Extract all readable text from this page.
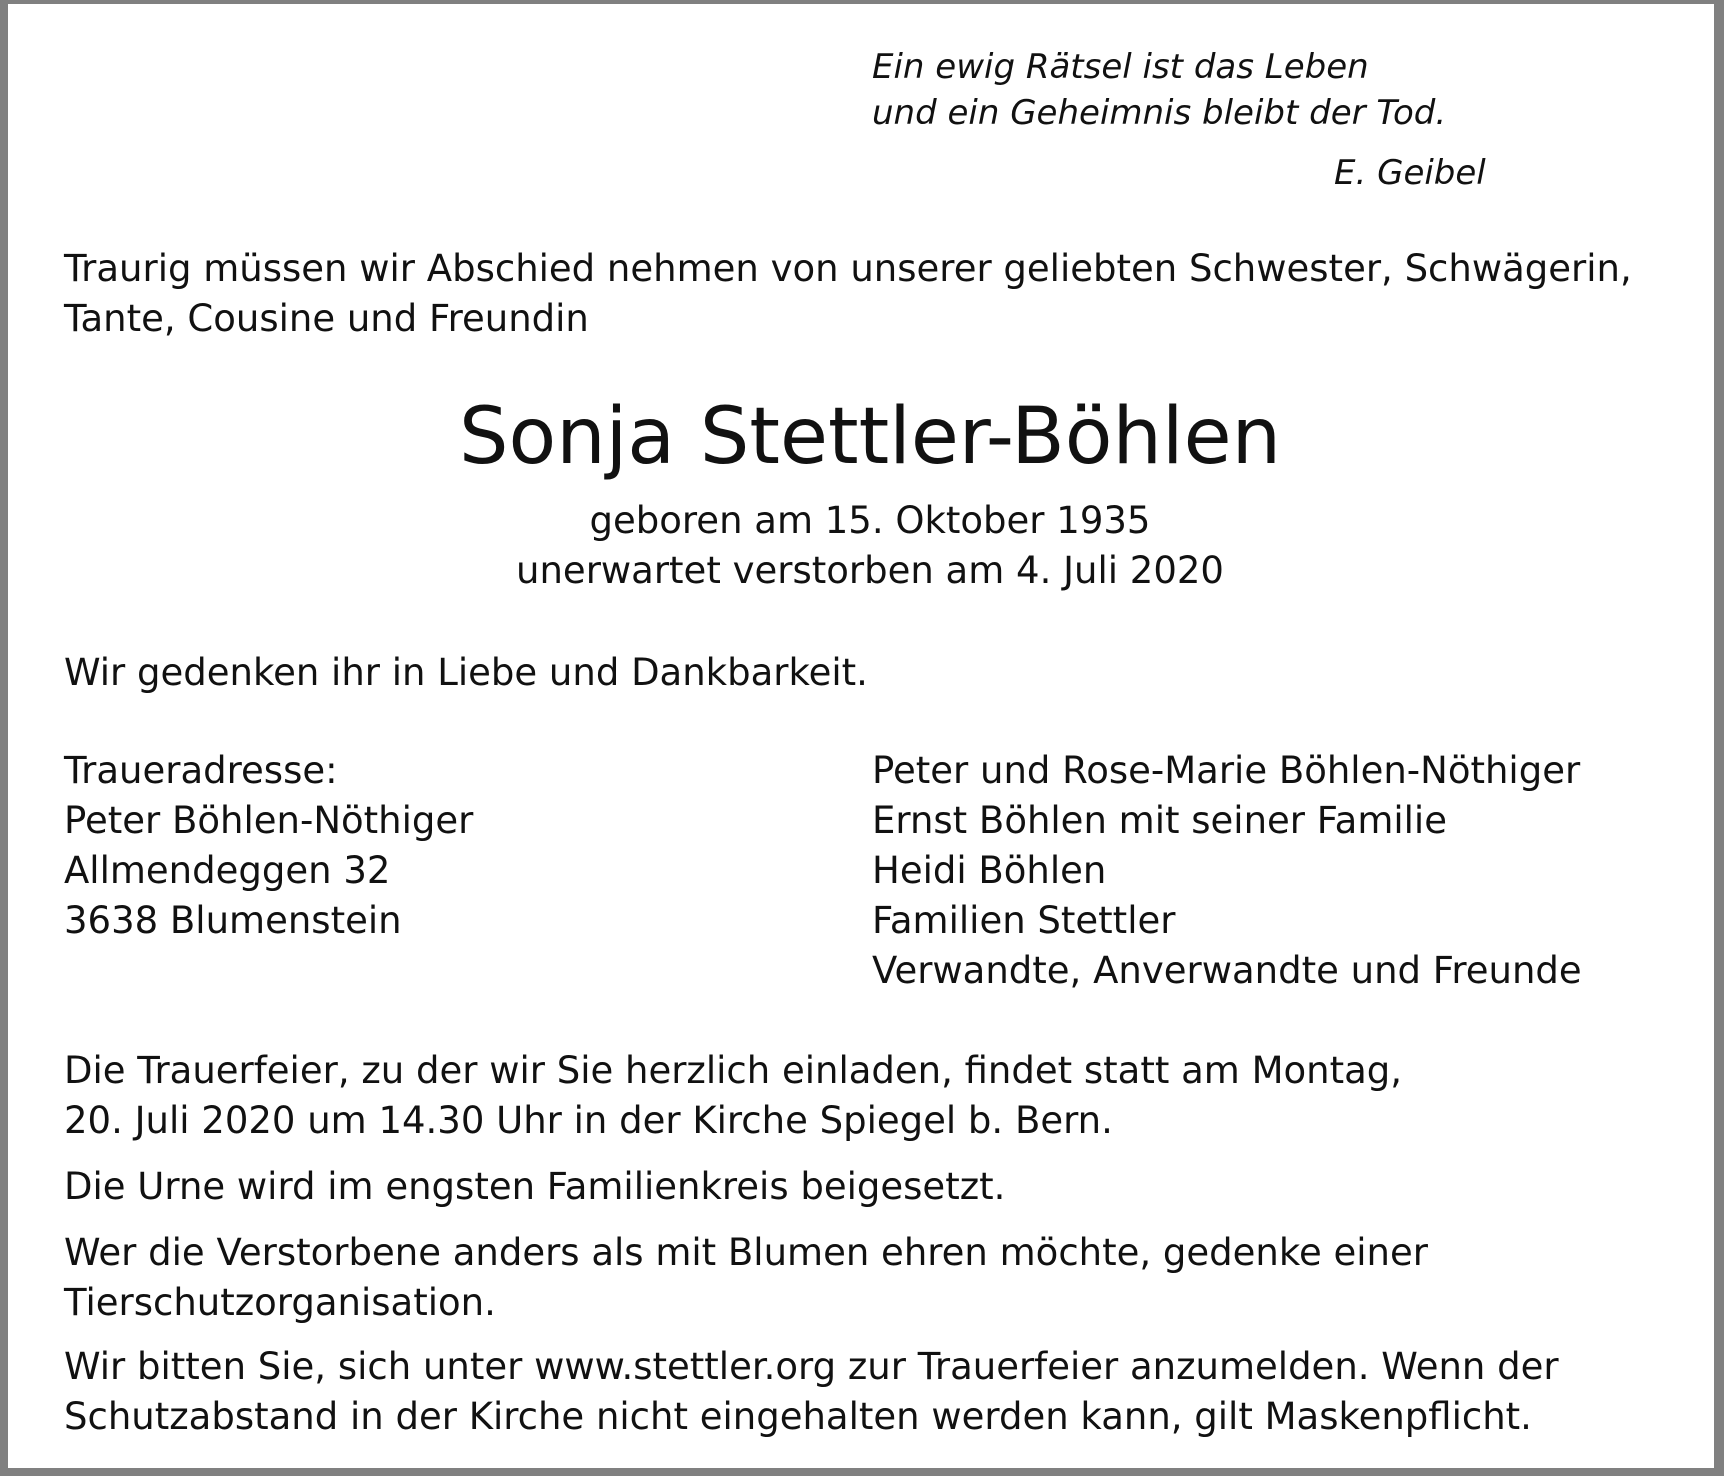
Ein ewig Rätsel ist das Leben

und ein Geheimnis bleibt der Tod.

E. Geibel

Traurig müssen wir Abschied nehmen von unserer geliebten Schwester, Schwägerin,

Tante, Cousine und Freundin

Sonja Stettler-Böhlen

geboren am 15. Oktober 1935

unerwartet verstorben am 4. Juli 2020

Wir gedenken ihr in Liebe und Dankbarkeit.

Traueradresse:

Peter Böhlen-Nöthiger

Allmendeggen 32

3638 Blumenstein

Peter und Rose-Marie Böhlen-Nöthiger

Ernst Böhlen mit seiner Familie

Heidi Böhlen

Familien Stettler

Verwandte, Anverwandte und Freunde

Die Trauerfeier, zu der wir Sie herzlich einladen, findet statt am Montag,

20. Juli 2020 um 14.30 Uhr in der Kirche Spiegel b. Bern.

Die Urne wird im engsten Familienkreis beigesetzt.

Wer die Verstorbene anders als mit Blumen ehren möchte, gedenke einer

Tierschutzorganisation.

Wir bitten Sie, sich unter www.stettler.org zur Trauerfeier anzumelden. Wenn der

Schutzabstand in der Kirche nicht eingehalten werden kann, gilt Maskenpflicht.
